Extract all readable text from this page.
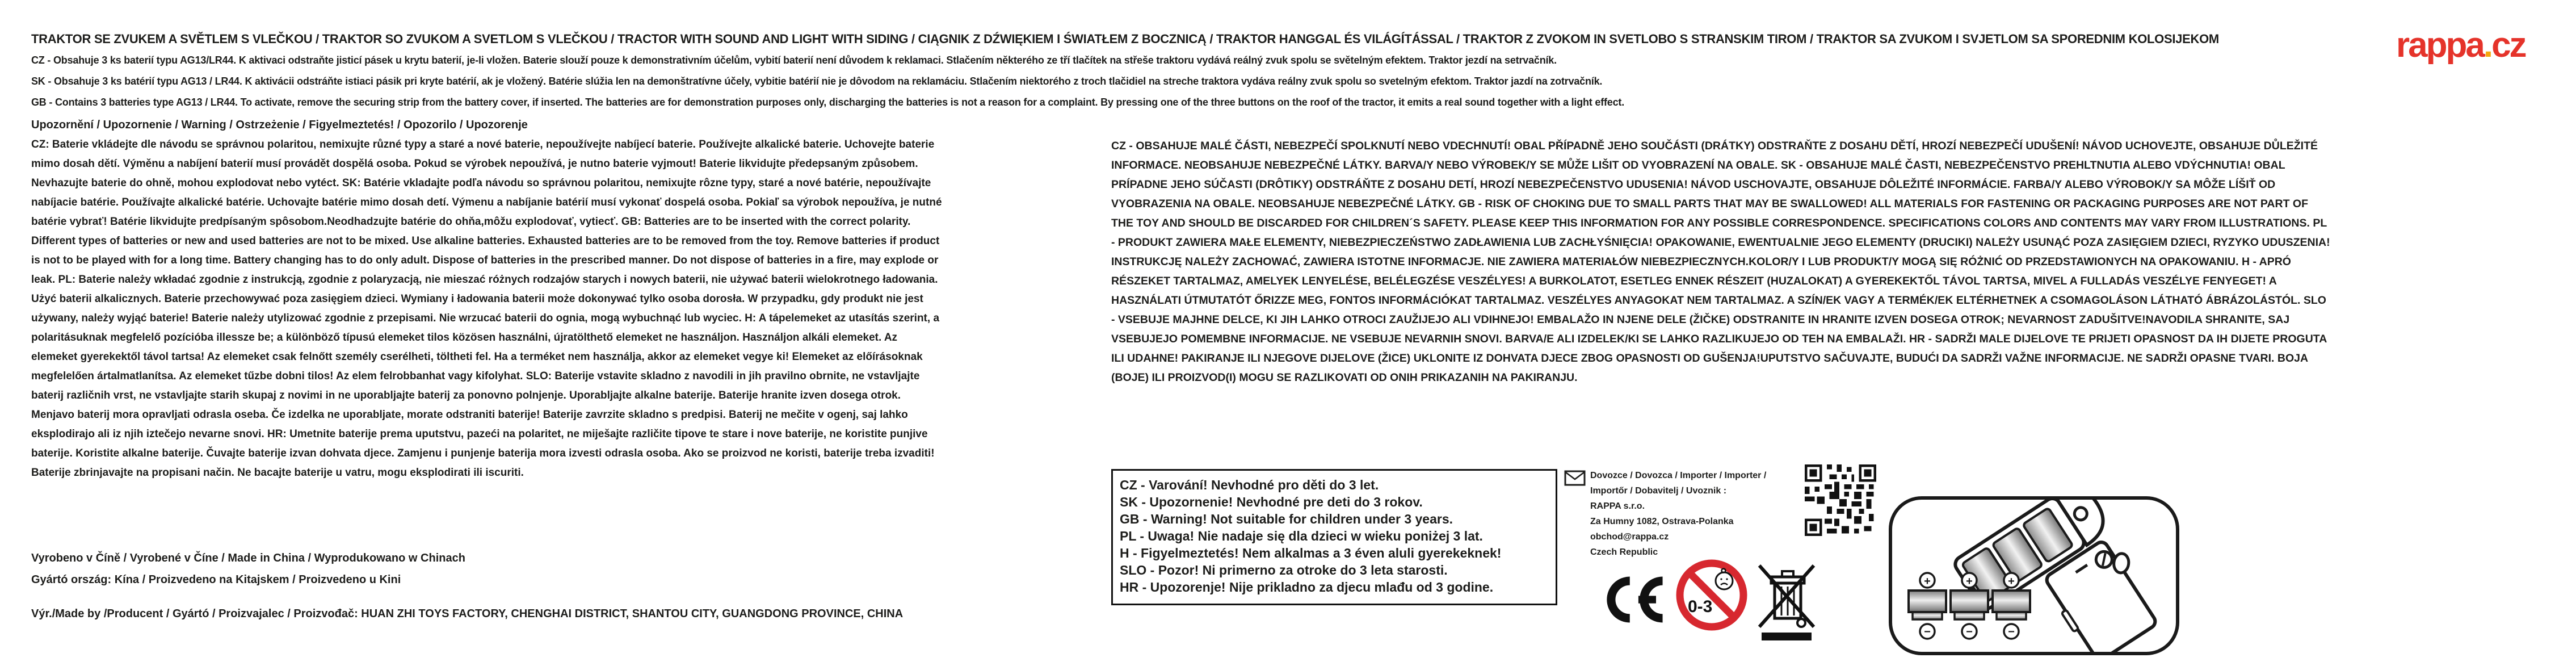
TRAKTOR SE ZVUKEM A SVĚTLEM S VLEČKOU / TRAKTOR SO ZVUKOM A SVETLOM S VLEČKOU / TRACTOR WITH SOUND AND LIGHT WITH SIDING / CIĄGNIK Z DŹWIĘKIEM I ŚWIATŁEM Z BOCZNICĄ / TRAKTOR HANGGAL ÉS VILÁGÍTÁSSAL / TRAKTOR Z ZVOKOM IN SVETLOBO S STRANSKIM TIROM / TRAKTOR SA ZVUKOM I SVJETLOM SA SPOREDNIM KOLOSIJEKOM	rappa.cz
CZ - Obsahuje 3 ks baterií typu AG13/LR44. K aktivaci odstraňte jisticí pásek u krytu baterií, je-li vložen. Baterie slouží pouze k demonstrativním účelům, vybití baterií není důvodem k reklamaci. Stlačením některého ze tří tlačítek na střeše traktoru vydává reálný zvuk spolu se světelným efektem. Traktor jezdí na setrvačník.
SK - Obsahuje 3 ks batérií typu AG13 / LR44. K aktivácii odstráňte istiaci pásik pri kryte batérií, ak je vložený. Batérie slúžia len na demonštratívne účely, vybitie batérií nie je dôvodom na reklamáciu. Stlačením niektorého z troch tlačidiel na streche traktora vydáva reálny zvuk spolu so svetelným efektom. Traktor jazdí na zotrvačník.
GB - Contains 3 batteries type AG13 / LR44. To activate, remove the securing strip from the battery cover, if inserted. The batteries are for demonstration purposes only, discharging the batteries is not a reason for a complaint. By pressing one of the three buttons on the roof of the tractor, it emits a real sound together with a light effect.
Upozornění / Upozornenie / Warning / Ostrzeżenie / Figyelmeztetés! / Opozorilo / Upozorenje
CZ: Baterie vkládejte dle návodu se správnou polaritou, nemixujte různé typy a staré a nové baterie, nepoužívejte nabíjecí baterie. Používejte alkalické baterie. Uchovejte baterie mimo dosah dětí. Výměnu a nabíjení baterií musí provádět dospělá osoba. Pokud se výrobek nepoužívá, je nutno baterie vyjmout! Baterie likvidujte předepsaným způsobem. Nevhazujte baterie do ohně, mohou explodovat nebo vytéct. SK: Batérie vkladajte podľa návodu so správnou polaritou, nemixujte rôzne typy, staré a nové batérie, nepoužívajte nabíjacie batérie. Používajte alkalické batérie. Uchovajte batérie mimo dosah detí. Výmenu a nabíjanie batérií musí vykonať dospelá osoba. Pokiaľ sa výrobok nepoužíva, je nutné batérie vybrať! Batérie likvidujte predpísaným spôsobom.Neodhadzujte batérie do ohňa,môžu explodovať, vytiecť. GB: Batteries are to be inserted with the correct polarity. Different types of batteries or new and used batteries are not to be mixed. Use alkaline batteries. Exhausted batteries are to be removed from the toy. Remove batteries if product is not to be played with for a long time. Battery changing has to do only adult. Dispose of batteries in the prescribed manner. Do not dispose of batteries in a fire, may explode or leak. PL: Baterie należy wkładać zgodnie z instrukcją, zgodnie z polaryzacją, nie mieszać różnych rodzajów starych i nowych baterii, nie używać baterii wielokrotnego ładowania. Użyć baterii alkalicznych. Baterie przechowywać poza zasięgiem dzieci. Wymiany i ładowania baterii może dokonywać tylko osoba dorosła. W przypadku, gdy produkt nie jest używany, należy wyjąć baterie! Baterie należy utylizować zgodnie z przepisami. Nie wrzucać baterii do ognia, mogą wybuchnąć lub wyciec. H: A tápelemeket az utasítás szerint, a polaritásuknak megfelelő pozícióba illessze be; a különböző típusú elemeket tilos közösen használni, újratölthető elemeket ne használjon. Használjon alkáli elemeket. Az elemeket gyerekektől távol tartsa! Az elemeket csak felnőtt személy cserélheti, töltheti fel. Ha a terméket nem használja, akkor az elemeket vegye ki! Elemeket az előírásoknak megfelelően ártalmatlanítsa. Az elemeket tűzbe dobni tilos! Az elem felrobbanhat vagy kifolyhat. SLO: Baterije vstavite skladno z navodili in jih pravilno obrnite, ne vstavljajte baterij različnih vrst, ne vstavljajte starih skupaj z novimi in ne uporabljajte baterij za ponovno polnjenje. Uporabljajte alkalne baterije. Baterije hranite izven dosega otrok. Menjavo baterij mora opravljati odrasla oseba. Če izdelka ne uporabljate, morate odstraniti baterije! Baterije zavrzite skladno s predpisi. Baterij ne mečite v ogenj, saj lahko eksplodirajo ali iz njih iztečejo nevarne snovi. HR: Umetnite baterije prema uputstvu, pazeći na polaritet, ne miješajte različite tipove te stare i nove baterije, ne koristite punjive baterije. Koristite alkalne baterije. Čuvajte baterije izvan dohvata djece. Zamjenu i punjenje baterija mora izvesti odrasla osoba. Ako se proizvod ne koristi, baterije treba izvaditi! Baterije zbrinjavajte na propisani način. Ne bacajte baterije u vatru, mogu eksplodirati ili iscuriti.
Vyrobeno v Číně / Vyrobené v Číne / Made in China / Wyprodukowano w Chinach
Gyártó ország: Kína / Proizvedeno na Kitajskem / Proizvedeno u Kini
Výr./Made by /Producent / Gyártó / Proizvajalec / Proizvođač: HUAN ZHI TOYS FACTORY, CHENGHAI DISTRICT, SHANTOU CITY, GUANGDONG PROVINCE, CHINA
CZ - OBSAHUJE MALÉ ČÁSTI, NEBEZPEČÍ SPOLKNUTÍ NEBO VDECHNUTÍ! OBAL PŘÍPADNĚ JEHO SOUČÁSTI (DRÁTKY) ODSTRAŇTE Z DOSAHU DĚTÍ, HROZÍ NEBEZPEČÍ UDUŠENÍ! NÁVOD UCHOVEJTE, OBSAHUJE DŮLEŽITÉ INFORMACE. NEOBSAHUJE NEBEZPEČNÉ LÁTKY. BARVA/Y NEBO VÝROBEK/Y SE MŮŽE LIŠIT OD VYOBRAZENÍ NA OBALE. SK - OBSAHUJE MALÉ ČASTI, NEBEZPEČENSTVO PREHLTNUTIA ALEBO VDÝCHNUTIA! OBAL PRÍPADNE JEHO SÚČASTI (DRÔTIKY) ODSTRÁŇTE Z DOSAHU DETÍ, HROZÍ NEBEZPEČENSTVO UDUSENIA! NÁVOD USCHOVAJTE, OBSAHUJE DÔLEŽITÉ INFORMÁCIE. FARBA/Y ALEBO VÝROBOK/Y SA MÔŽE LÍŠIŤ OD VYOBRAZENIA NA OBALE. NEOBSAHUJE NEBEZPEČNÉ LÁTKY. GB - RISK OF CHOKING DUE TO SMALL PARTS THAT MAY BE SWALLOWED! ALL MATERIALS FOR FASTENING OR PACKAGING PURPOSES ARE NOT PART OF THE TOY AND SHOULD BE DISCARDED FOR CHILDREN´S SAFETY. PLEASE KEEP THIS INFORMATION FOR ANY POSSIBLE CORRESPONDENCE. SPECIFICATIONS COLORS AND CONTENTS MAY VARY FROM ILLUSTRATIONS. PL - PRODUKT ZAWIERA MAŁE ELEMENTY, NIEBEZPIECZEŃSTWO ZADŁAWIENIA LUB ZACHŁYŚNIĘCIA! OPAKOWANIE, EWENTUALNIE JEGO ELEMENTY (DRUCIKI) NALEŻY USUNĄĆ POZA ZASIĘGIEM DZIECI, RYZYKO UDUSZENIA! INSTRUKCJĘ NALEŻY ZACHOWAĆ, ZAWIERA ISTOTNE INFORMACJE. NIE ZAWIERA MATERIAŁÓW NIEBEZPIECZNYCH.KOLOR/Y I LUB PRODUKT/Y MOGĄ SIĘ RÓŻNIĆ OD PRZEDSTAWIONYCH NA OPAKOWANIU. H - APRÓ RÉSZEKET TARTALMAZ, AMELYEK LENYELÉSE, BELÉLEGZÉSE VESZÉLYES! A BURKOLATOT, ESETLEG ENNEK RÉSZEIT (HUZALOKAT) A GYEREKEKTŐL TÁVOL TARTSA, MIVEL A FULLADÁS VESZÉLYE FENYEGET! A HASZNÁLATI ÚTMUTATÓT ŐRIZZE MEG, FONTOS INFORMÁCIÓKAT TARTALMAZ. VESZÉLYES ANYAGOKAT NEM TARTALMAZ. A SZÍN/EK VAGY A TERMÉK/EK ELTÉRHETNEK A CSOMAGOLÁSON LÁTHATÓ ÁBRÁZOLÁSTÓL. SLO - VSEBUJE MAJHNE DELCE, KI JIH LAHKO OTROCI ZAUŽIJEJO ALI VDIHNEJO! EMBALAŽO IN NJENE DELE (ŽIČKE) ODSTRANITE IN HRANITE IZVEN DOSEGA OTROK; NEVARNOST ZADUŠITVE!NAVODILA SHRANITE, SAJ VSEBUJEJO POMEMBNE INFORMACIJE. NE VSEBUJE NEVARNIH SNOVI. BARVA/E ALI IZDELEK/KI SE LAHKO RAZLIKUJEJO OD TEH NA EMBALAŽI. HR - SADRŽI MALE DIJELOVE TE PRIJETI OPASNOST DA IH DIJETE PROGUTA ILI UDAHNE! PAKIRANJE ILI NJEGOVE DIJELOVE (ŽICE) UKLONITE IZ DOHVATA DJECE ZBOG OPASNOSTI OD GUŠENJA!UPUTSTVO SAČUVAJTE, BUDUĆI DA SADRŽI VAŽNE INFORMACIJE. NE SADRŽI OPASNE TVARI. BOJA (BOJE) ILI PROIZVOD(I) MOGU SE RAZLIKOVATI OD ONIH PRIKAZANIH NA PAKIRANJU.
CZ - Varování! Nevhodné pro děti do 3 let.
SK - Upozornenie! Nevhodné pre deti do 3 rokov.
GB - Warning! Not suitable for children under 3 years.
PL - Uwaga! Nie nadaje się dla dzieci w wieku poniżej 3 lat.
H - Figyelmeztetés! Nem alkalmas a 3 éven aluli gyerekeknek!
SLO - Pozor! Ni primerno za otroke do 3 leta starosti.
HR - Upozorenje! Nije prikladno za djecu mlađu od 3 godine.
Dovozce / Dovozca / Importer / Importer /
Importőr / Dobavitelj / Uvoznik :
RAPPA s.r.o.
Za Humny 1082, Ostrava-Polanka
obchod@rappa.cz
Czech Republic
0-3
+
−
+
−
+
−
